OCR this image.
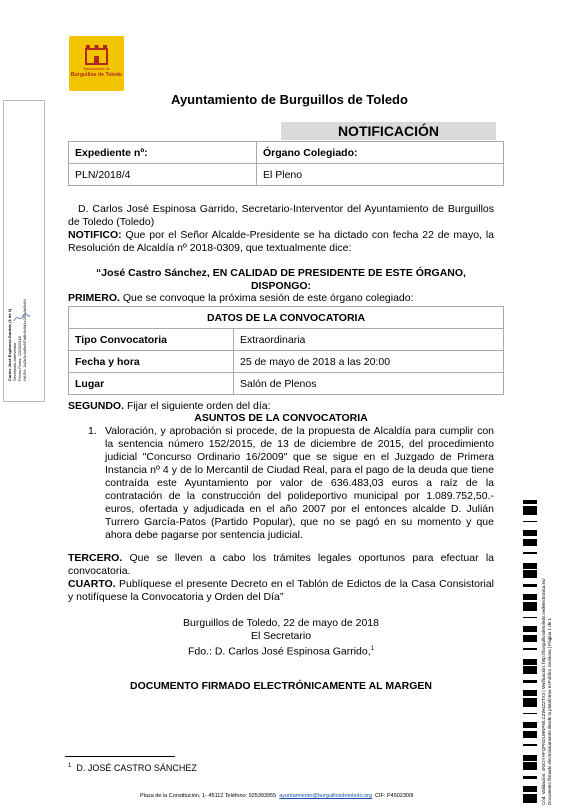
Ayuntamiento de
Burguillos de Toledo
Carlos José Espinosa Garrido (1 de 1) Secretario-Interventor Fecha Firma: 22/05/2018 HASH: 1a2b3c4d5e6f7a8b9c0d1e2f3a4b5c6d
Ayuntamiento de Burguillos de Toledo
NOTIFICACIÓN
Expediente nº:	Órgano Colegiado:
PLN/2018/4	El Pleno
D. Carlos José Espinosa Garrido, Secretario-Interventor del Ayuntamiento de Burguillos de Toledo (Toledo)
NOTIFICO: Que por el Señor Alcalde-Presidente se ha dictado con fecha 22 de mayo, la Resolución de Alcaldía nº 2018-0309, que textualmente dice:
“José Castro Sánchez, EN CALIDAD DE PRESIDENTE DE ESTE ÓRGANO,
DISPONGO:
PRIMERO. Que se convoque la próxima sesión de este órgano colegiado:
DATOS DE LA CONVOCATORIA	
Tipo Convocatoria	Extraordinaria
Fecha y hora	25 de mayo de 2018 a las 20:00
Lugar	Salón de Plenos
SEGUNDO. Fijar el siguiente orden del día:
ASUNTOS DE LA CONVOCATORIA
1. Valoración, y aprobación si procede, de la propuesta de Alcaldía para cumplir con la sentencia número 152/2015, de 13 de diciembre de 2015, del procedimiento judicial "Concurso Ordinario 16/2009" que se sigue en el Juzgado de Primera Instancia nº 4 y de lo Mercantil de Ciudad Real, para el pago de la deuda que tiene contraída este Ayuntamiento por valor de 636.483,03 euros a raíz de la contratación de la construcción del polideportivo municipal por 1.089.752,50.- euros, ofertada y adjudicada en el año 2007 por el entonces alcalde D. Julián Turrero García-Patos (Partido Popular), que no se pagó en su momento y que ahora debe pagarse por sentencia judicial.
TERCERO. Que se lleven a cabo los trámites legales oportunos para efectuar la convocatoria.
CUARTO. Publíquese el presente Decreto en el Tablón de Edictos de la Casa Consistorial y notifíquese la Convocatoria y Orden del Día”
Burguillos de Toledo, 22 de mayo de 2018
El Secretario
Fdo.: D. Carlos José Espinosa Garrido,$^1$
DOCUMENTO FIRMADO ELECTRÓNICAMENTE AL MARGEN
$^1$ D. JOSÉ CASTRO SÁNCHEZ
Plaza de la Constitución, 1- 45112 Teléfono: 925393955 ayuntamiento@burguillosdetoledo.org CIF: P4502300I	Cód. Validación: 4KE2YHFQPNDLWNPMLCZW4ZZTX3 | Verificación: http://burguillosdetoledo.sedelectronica.es/ Documento firmado electrónicamente desde la plataforma esPublico Gestiona | Página 1 de 1
